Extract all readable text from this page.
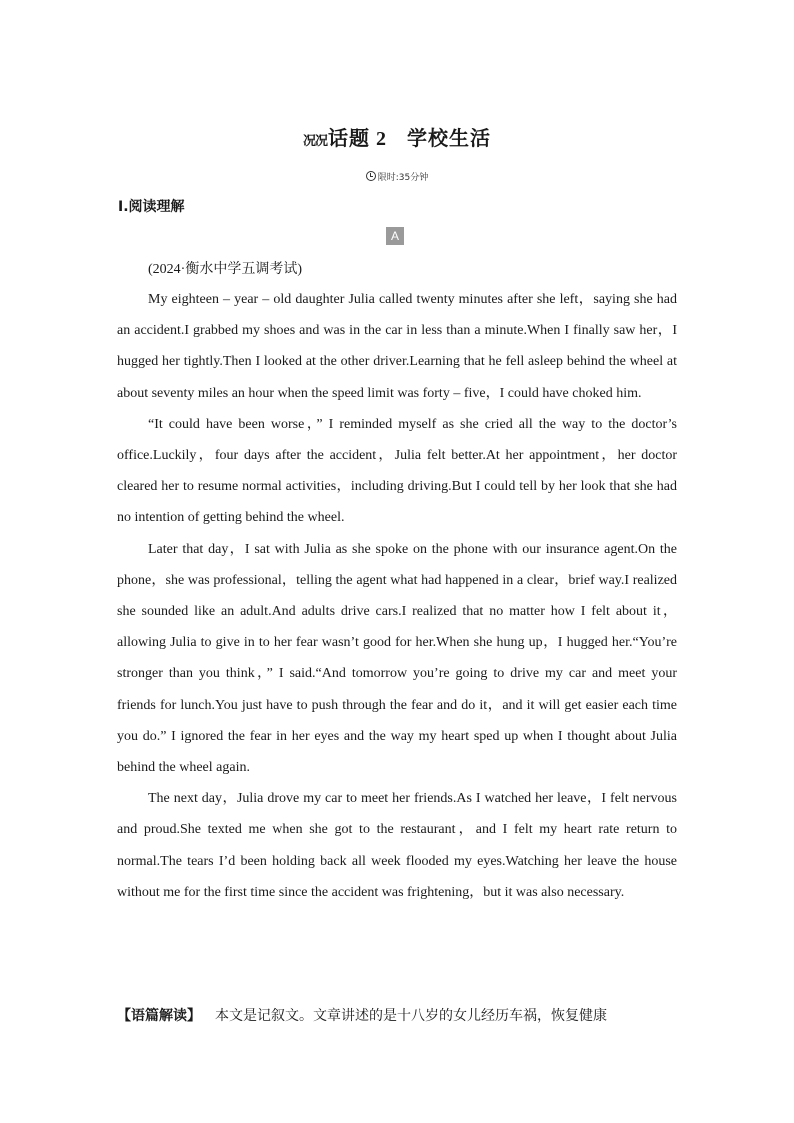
况况话题 2 学校生活
限时:35分钟
Ⅰ.阅读理解
A
(2024·衡水中学五调考试)

My eighteen – year – old daughter Julia called twenty minutes after she left，saying she had an accident.I grabbed my shoes and was in the car in less than a minute.When I finally saw her，I hugged her tightly.Then I looked at the other driver.Learning that he fell asleep behind the wheel at about seventy miles an hour when the speed limit was forty – five，I could have choked him.

“It could have been worse，” I reminded myself as she cried all the way to the doctor’s office.Luckily，four days after the accident，Julia felt better.At her appointment，her doctor cleared her to resume normal activities，including driving.But I could tell by her look that she had no intention of getting behind the wheel.

Later that day，I sat with Julia as she spoke on the phone with our insurance agent.On the phone，she was professional，telling the agent what had happened in a clear，brief way.I realized she sounded like an adult.And adults drive cars.I realized that no matter how I felt about it，allowing Julia to give in to her fear wasn’t good for her.When she hung up，I hugged her.“You’re stronger than you think，” I said.“And tomorrow you’re going to drive my car and meet your friends for lunch.You just have to push through the fear and do it，and it will get easier each time you do.” I ignored the fear in her eyes and the way my heart sped up when I thought about Julia behind the wheel again.

The next day，Julia drove my car to meet her friends.As I watched her leave，I felt nervous and proud.She texted me when she got to the restaurant，and I felt my heart rate return to normal.The tears I’d been holding back all week flooded my eyes.Watching her leave the house without me for the first time since the accident was frightening，but it was also necessary.

【语篇解读】 本文是记叙文。文章讲述的是十八岁的女儿经历车祸，恢复健康
